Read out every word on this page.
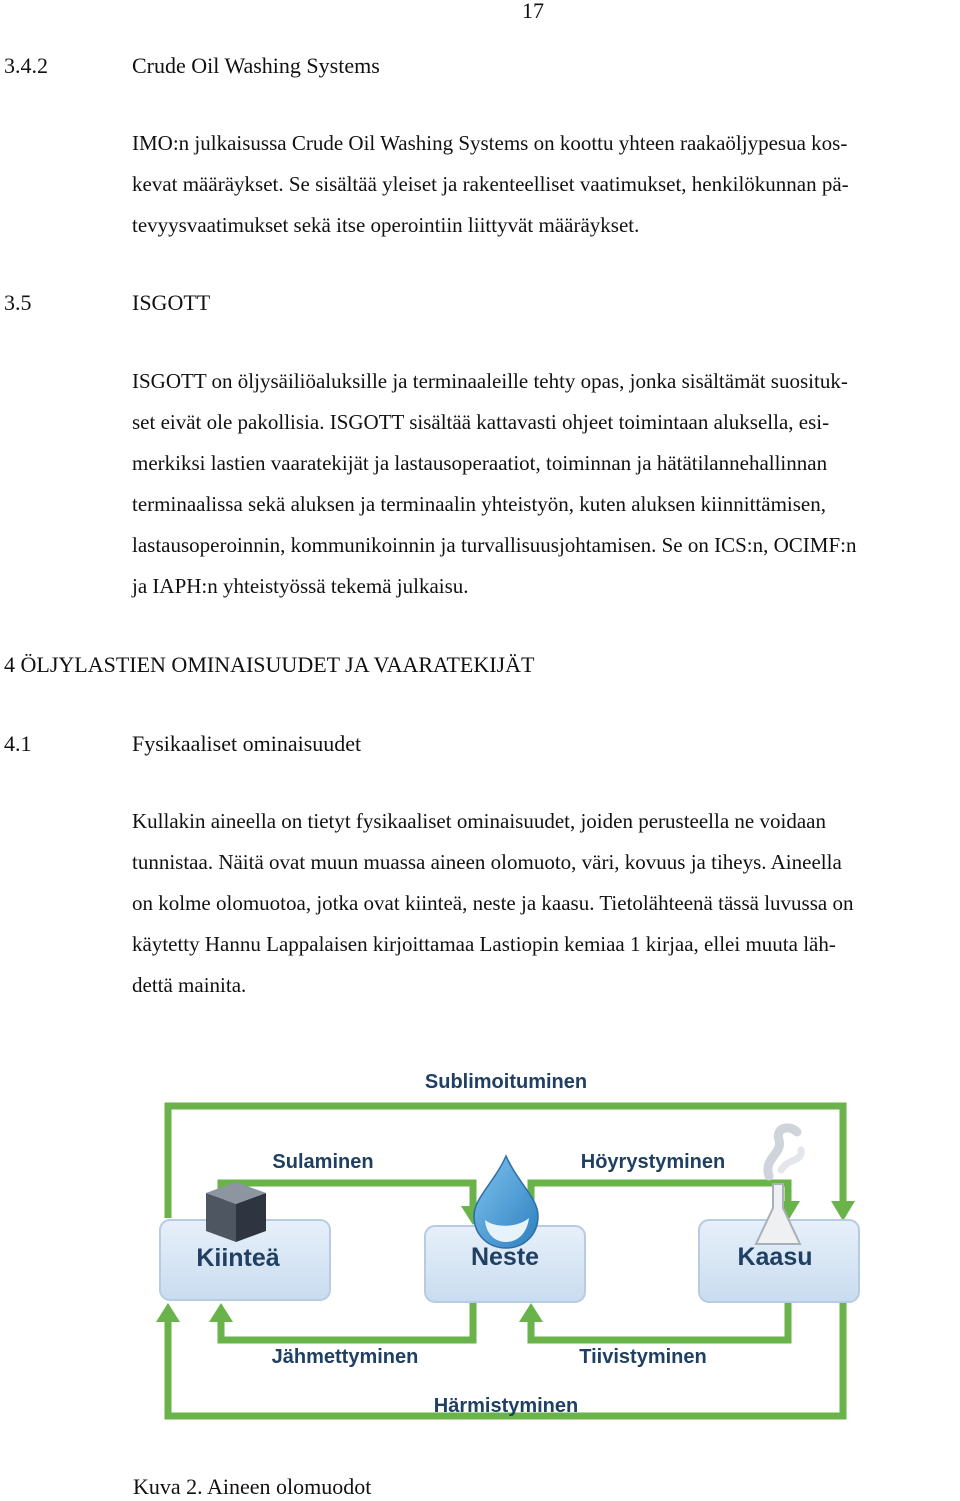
17
3.4.2	Crude Oil Washing Systems
IMO:n julkaisussa Crude Oil Washing Systems on koottu yhteen raakaöljypesua kos-
kevat määräykset. Se sisältää yleiset ja rakenteelliset vaatimukset, henkilökunnan pä-
tevyysvaatimukset sekä itse operointiin liittyvät määräykset.
3.5	ISGOTT
ISGOTT on öljysäiliöaluksille ja terminaaleille tehty opas, jonka sisältämät suosituk-
set eivät ole pakollisia. ISGOTT sisältää kattavasti ohjeet toimintaan aluksella, esi-
merkiksi lastien vaaratekijät ja lastausoperaatiot, toiminnan ja hätätilannehallinnan
terminaalissa sekä aluksen ja terminaalin yhteistyön, kuten aluksen kiinnittämisen,
lastausoperoinnin, kommunikoinnin ja turvallisuusjohtamisen. Se on ICS:n, OCIMF:n
ja IAPH:n yhteistyössä tekemä julkaisu.
4 ÖLJYLASTIEN OMINAISUUDET JA VAARATEKIJÄT
4.1	Fysikaaliset ominaisuudet
Kullakin aineella on tietyt fysikaaliset ominaisuudet, joiden perusteella ne voidaan
tunnistaa. Näitä ovat muun muassa aineen olomuoto, väri, kovuus ja tiheys. Aineella
on kolme olomuotoa, jotka ovat kiinteä, neste ja kaasu. Tietolähteenä tässä luvussa on
käytetty Hannu Lappalaisen kirjoittamaa Lastiopin kemiaa 1 kirjaa, ellei muuta läh-
dettä mainita.
Sublimoituminen
Sulaminen	Höyrystyminen
Jähmettyminen	Tiivistyminen
Härmistyminen
Kiinteä	Neste	Kaasu
Kuva 2. Aineen olomuodot
